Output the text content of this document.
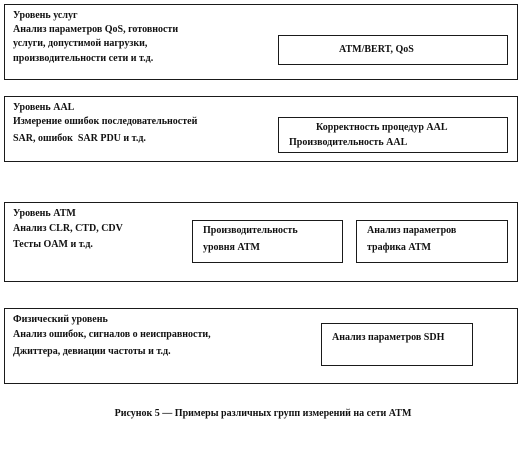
Уровень услуг
Анализ параметров QoS, готовности
услуги, допустимой нагрузки,
производительности сети и т.д.
ATM/BERT, QoS
Уровень AAL
Измерение ошибок последовательностей
SAR, ошибок  SAR PDU и т.д.
Корректность процедур AAL
Производительность AAL
Уровень ATM
Анализ CLR, CTD, CDV
Тесты OAM и т.д.
Производительность
уровня ATM
Анализ параметров
трафика ATM
Физический уровень
Анализ ошибок, сигналов о неисправности,
Джиттера, девиации частоты и т.д.
Анализ параметров SDH
Рисунок 5 — Примеры различных групп измерений на сети ATM
